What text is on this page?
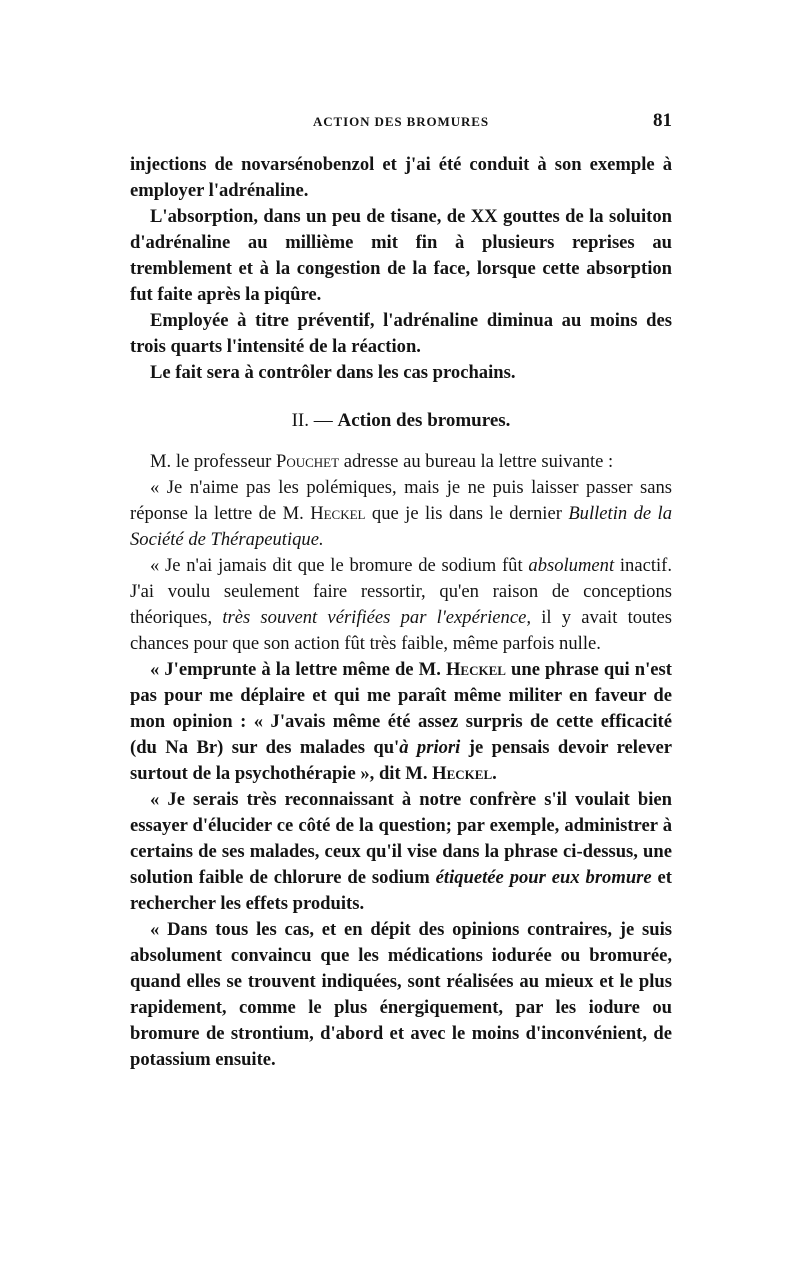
ACTION DES BROMURES	81

injections de novarsénobenzol et j'ai été conduit à son exemple à employer l'adrénaline.

L'absorption, dans un peu de tisane, de XX gouttes de la soluiton d'adrénaline au millième mit fin à plusieurs reprises au tremblement et à la congestion de la face, lorsque cette absorption fut faite après la piqûre.

Employée à titre préventif, l'adrénaline diminua au moins des trois quarts l'intensité de la réaction.

Le fait sera à contrôler dans les cas prochains.

II. — Action des bromures.

M. le professeur Pouchet adresse au bureau la lettre suivante :

« Je n'aime pas les polémiques, mais je ne puis laisser passer sans réponse la lettre de M. Heckel que je lis dans le dernier Bulletin de la Société de Thérapeutique.

« Je n'ai jamais dit que le bromure de sodium fût absolument inactif. J'ai voulu seulement faire ressortir, qu'en raison de conceptions théoriques, très souvent vérifiées par l'expérience, il y avait toutes chances pour que son action fût très faible, même parfois nulle.

« J'emprunte à la lettre même de M. Heckel une phrase qui n'est pas pour me déplaire et qui me paraît même militer en faveur de mon opinion : « J'avais même été assez surpris de cette efficacité (du Na Br) sur des malades qu'à priori je pensais devoir relever surtout de la psychothérapie », dit M. Heckel.

« Je serais très reconnaissant à notre confrère s'il voulait bien essayer d'élucider ce côté de la question; par exemple, administrer à certains de ses malades, ceux qu'il vise dans la phrase ci-dessus, une solution faible de chlorure de sodium étiquetée pour eux bromure et rechercher les effets produits.

« Dans tous les cas, et en dépit des opinions contraires, je suis absolument convaincu que les médications iodurée ou bromurée, quand elles se trouvent indiquées, sont réalisées au mieux et le plus rapidement, comme le plus énergiquement, par les iodure ou bromure de strontium, d'abord et avec le moins d'inconvénient, de potassium ensuite.
